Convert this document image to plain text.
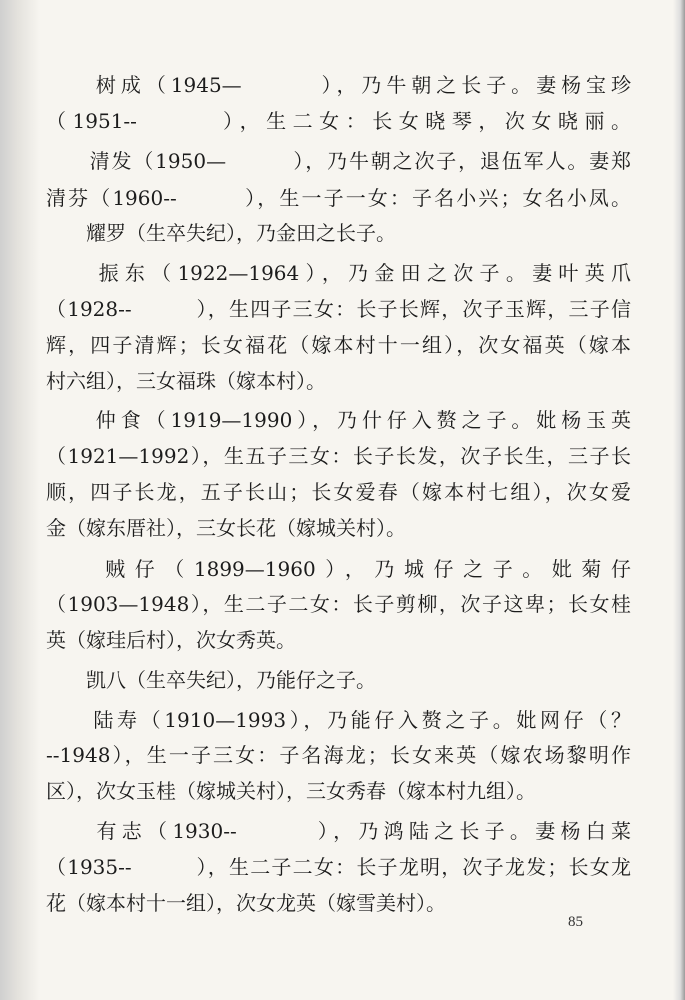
　　树成（1945—　　　），乃牛朝之长子。妻杨宝珍
（1951--　　　），生二女：长女晓琴，次女晓丽。
　　清发（1950—　　　），乃牛朝之次子，退伍军人。妻郑
清芬（1960--　　　），生一子一女：子名小兴；女名小凤。
　　耀罗（生卒失纪），乃金田之长子。
　　振东（1922—1964），乃金田之次子。妻叶英爪
（1928--　　　），生四子三女：长子长辉，次子玉辉，三子信
辉，四子清辉；长女福花（嫁本村十一组），次女福英（嫁本
村六组），三女福珠（嫁本村）。
　　仲食（1919—1990），乃什仔入赘之子。妣杨玉英
（1921—1992），生五子三女：长子长发，次子长生，三子长
顺，四子长龙，五子长山；长女爱春（嫁本村七组），次女爱
金（嫁东厝社），三女长花（嫁城关村）。
　　贼仔（1899—1960），乃城仔之子。妣菊仔
（1903—1948），生二子二女：长子剪柳，次子这卑；长女桂
英（嫁珪后村），次女秀英。
　　凯八（生卒失纪），乃能仔之子。
　　陆寿（1910—1993），乃能仔入赘之子。妣网仔（？
--1948），生一子三女：子名海龙；长女来英（嫁农场黎明作
区），次女玉桂（嫁城关村），三女秀春（嫁本村九组）。
　　有志（1930--　　　），乃鸿陆之长子。妻杨白菜
（1935--　　　），生二子二女：长子龙明，次子龙发；长女龙
花（嫁本村十一组），次女龙英（嫁雪美村）。
85
